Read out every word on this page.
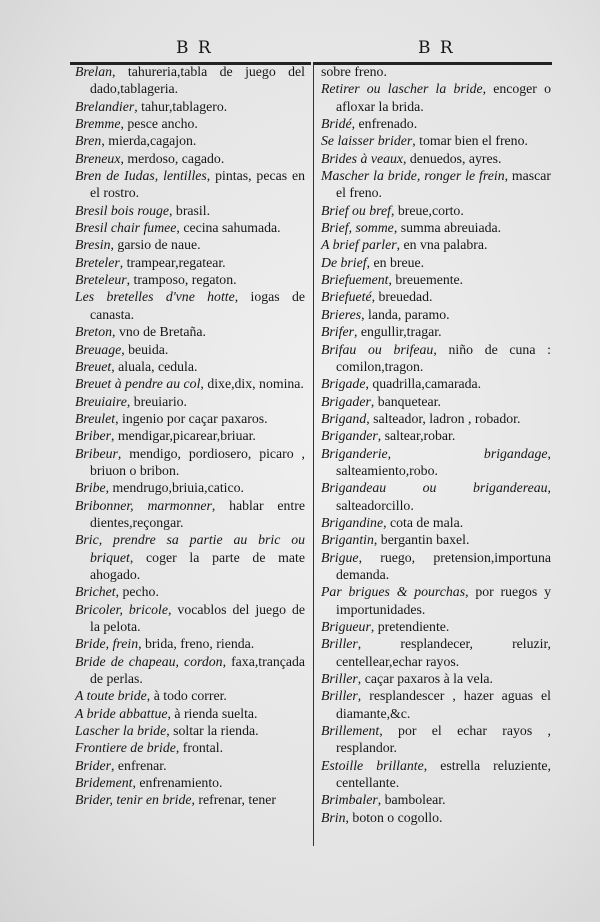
B R	B R
Brelan, tahureria,tabla de juego del dado,tablageria.
Brelandier, tahur,tablagero.
Bremme, pesce ancho.
Bren, mierda,cagajon.
Breneux, merdoso, cagado.
Bren de Iudas, lentilles, pintas, pecas en el rostro.
Bresil bois rouge, brasil.
Bresil chair fumee, cecina sahumada.
Bresin, garsio de naue.
Breteler, trampear,regatear.
Breteleur, tramposo, regaton.
Les bretelles d'vne hotte, iogas de canasta.
Breton, vno de Bretaña.
Breuage, beuida.
Breuet, aluala, cedula.
Breuet à pendre au col, dixe,dix, nomina.
Breuiaire, breuiario.
Breulet, ingenio por caçar paxaros.
Briber, mendigar,picarear,briuar.
Bribeur, mendigo, pordiosero, picaro , briuon o bribon.
Bribe, mendrugo,briuia,catico.
Bribonner, marmonner, hablar entre dientes,reçongar.
Bric, prendre sa partie au bric ou briquet, coger la parte de mate ahogado.
Brichet, pecho.
Bricoler, bricole, vocablos del juego de la pelota.
Bride, frein, brida, freno, rienda.
Bride de chapeau, cordon, faxa,trançada de perlas.
A toute bride, à todo correr.
A bride abbattue, à rienda suelta.
Lascher la bride, soltar la rienda.
Frontiere de bride, frontal.
Brider, enfrenar.
Bridement, enfrenamiento.
Brider, tenir en bride, refrenar, tener
sobre freno.
Retirer ou lascher la bride, encoger o afloxar la brida.
Bridé, enfrenado.
Se laisser brider, tomar bien el freno.
Brides à veaux, denuedos, ayres.
Mascher la bride, ronger le frein, mascar el freno.
Brief ou bref, breue,corto.
Brief, somme, summa abreuiada.
A brief parler, en vna palabra.
De brief, en breue.
Briefuement, breuemente.
Briefueté, breuedad.
Brieres, landa, paramo.
Brifer, engullir,tragar.
Brifau ou brifeau, niño de cuna : comilon,tragon.
Brigade, quadrilla,camarada.
Brigader, banquetear.
Brigand, salteador, ladron , robador.
Brigander, saltear,robar.
Briganderie, brigandage, salteamiento,robo.
Brigandeau ou brigandereau, salteadorcillo.
Brigandine, cota de mala.
Brigantin, bergantin baxel.
Brigue, ruego, pretension,importuna demanda.
Par brigues & pourchas, por ruegos y importunidades.
Brigueur, pretendiente.
Briller, resplandecer, reluzir, centellear,echar rayos.
Briller, caçar paxaros à la vela.
Briller, resplandescer , hazer aguas el diamante,&c.
Brillement, por el echar rayos , resplandor.
Estoille brillante, estrella reluziente, centellante.
Brimbaler, bambolear.
Brin, boton o cogollo.
